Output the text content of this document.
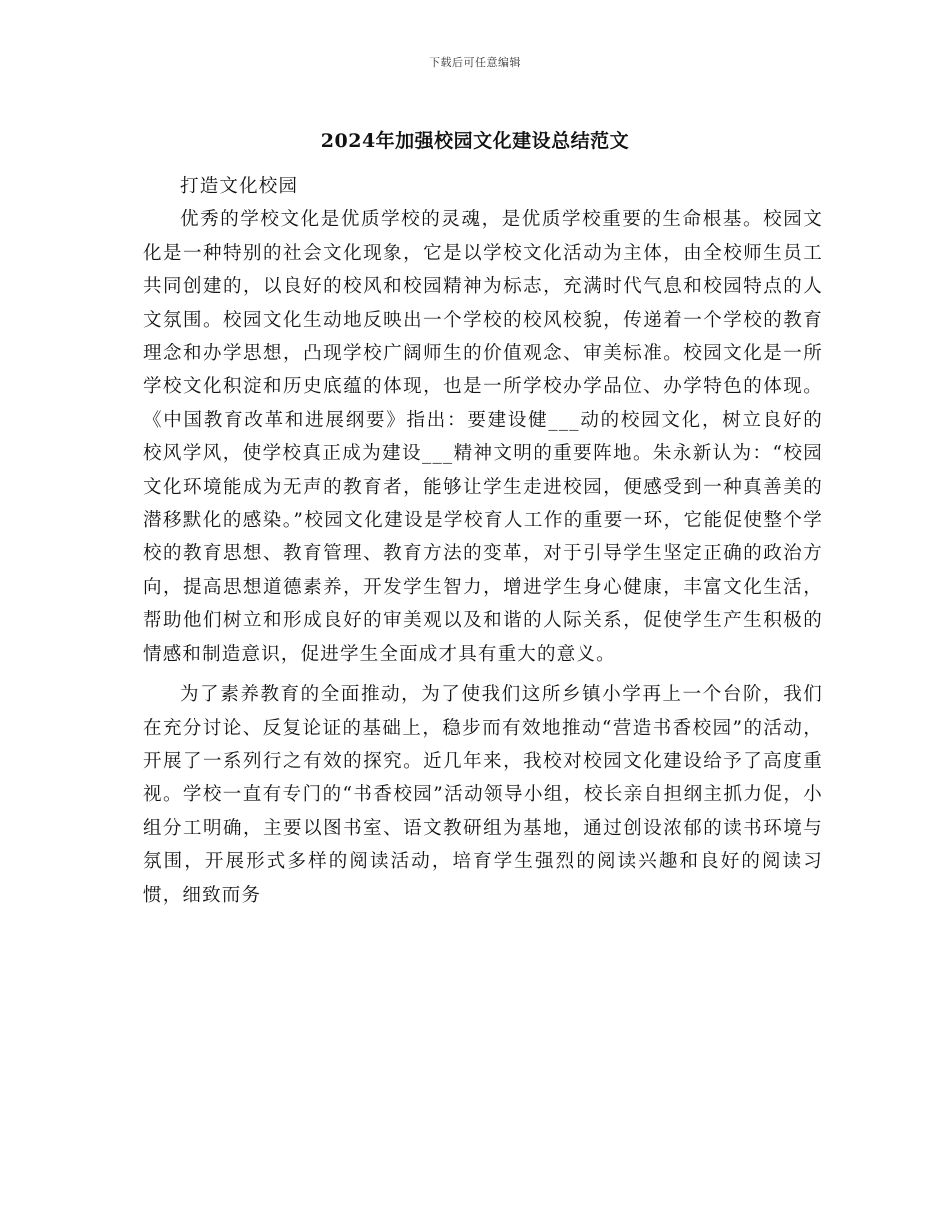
下载后可任意编辑
2024年加强校园文化建设总结范文

打造文化校园

优秀的学校文化是优质学校的灵魂，是优质学校重要的生命根基。校园文化是一种特别的社会文化现象，它是以学校文化活动为主体，由全校师生员工共同创建的，以良好的校风和校园精神为标志，充满时代气息和校园特点的人文氛围。校园文化生动地反映出一个学校的校风校貌，传递着一个学校的教育理念和办学思想，凸现学校广阔师生的价值观念、审美标准。校园文化是一所学校文化积淀和历史底蕴的体现，也是一所学校办学品位、办学特色的体现。《中国教育改革和进展纲要》指出：要建设健___动的校园文化，树立良好的校风学风，使学校真正成为建设___精神文明的重要阵地。朱永新认为：“校园文化环境能成为无声的教育者，能够让学生走进校园，便感受到一种真善美的潜移默化的感染。”校园文化建设是学校育人工作的重要一环，它能促使整个学校的教育思想、教育管理、教育方法的变革，对于引导学生坚定正确的政治方向，提高思想道德素养，开发学生智力，增进学生身心健康，丰富文化生活，帮助他们树立和形成良好的审美观以及和谐的人际关系，促使学生产生积极的情感和制造意识，促进学生全面成才具有重大的意义。

为了素养教育的全面推动，为了使我们这所乡镇小学再上一个台阶，我们在充分讨论、反复论证的基础上，稳步而有效地推动“营造书香校园”的活动，开展了一系列行之有效的探究。近几年来，我校对校园文化建设给予了高度重视。学校一直有专门的“书香校园”活动领导小组，校长亲自担纲主抓力促，小组分工明确，主要以图书室、语文教研组为基地，通过创设浓郁的读书环境与氛围，开展形式多样的阅读活动，培育学生强烈的阅读兴趣和良好的阅读习惯，细致而务
